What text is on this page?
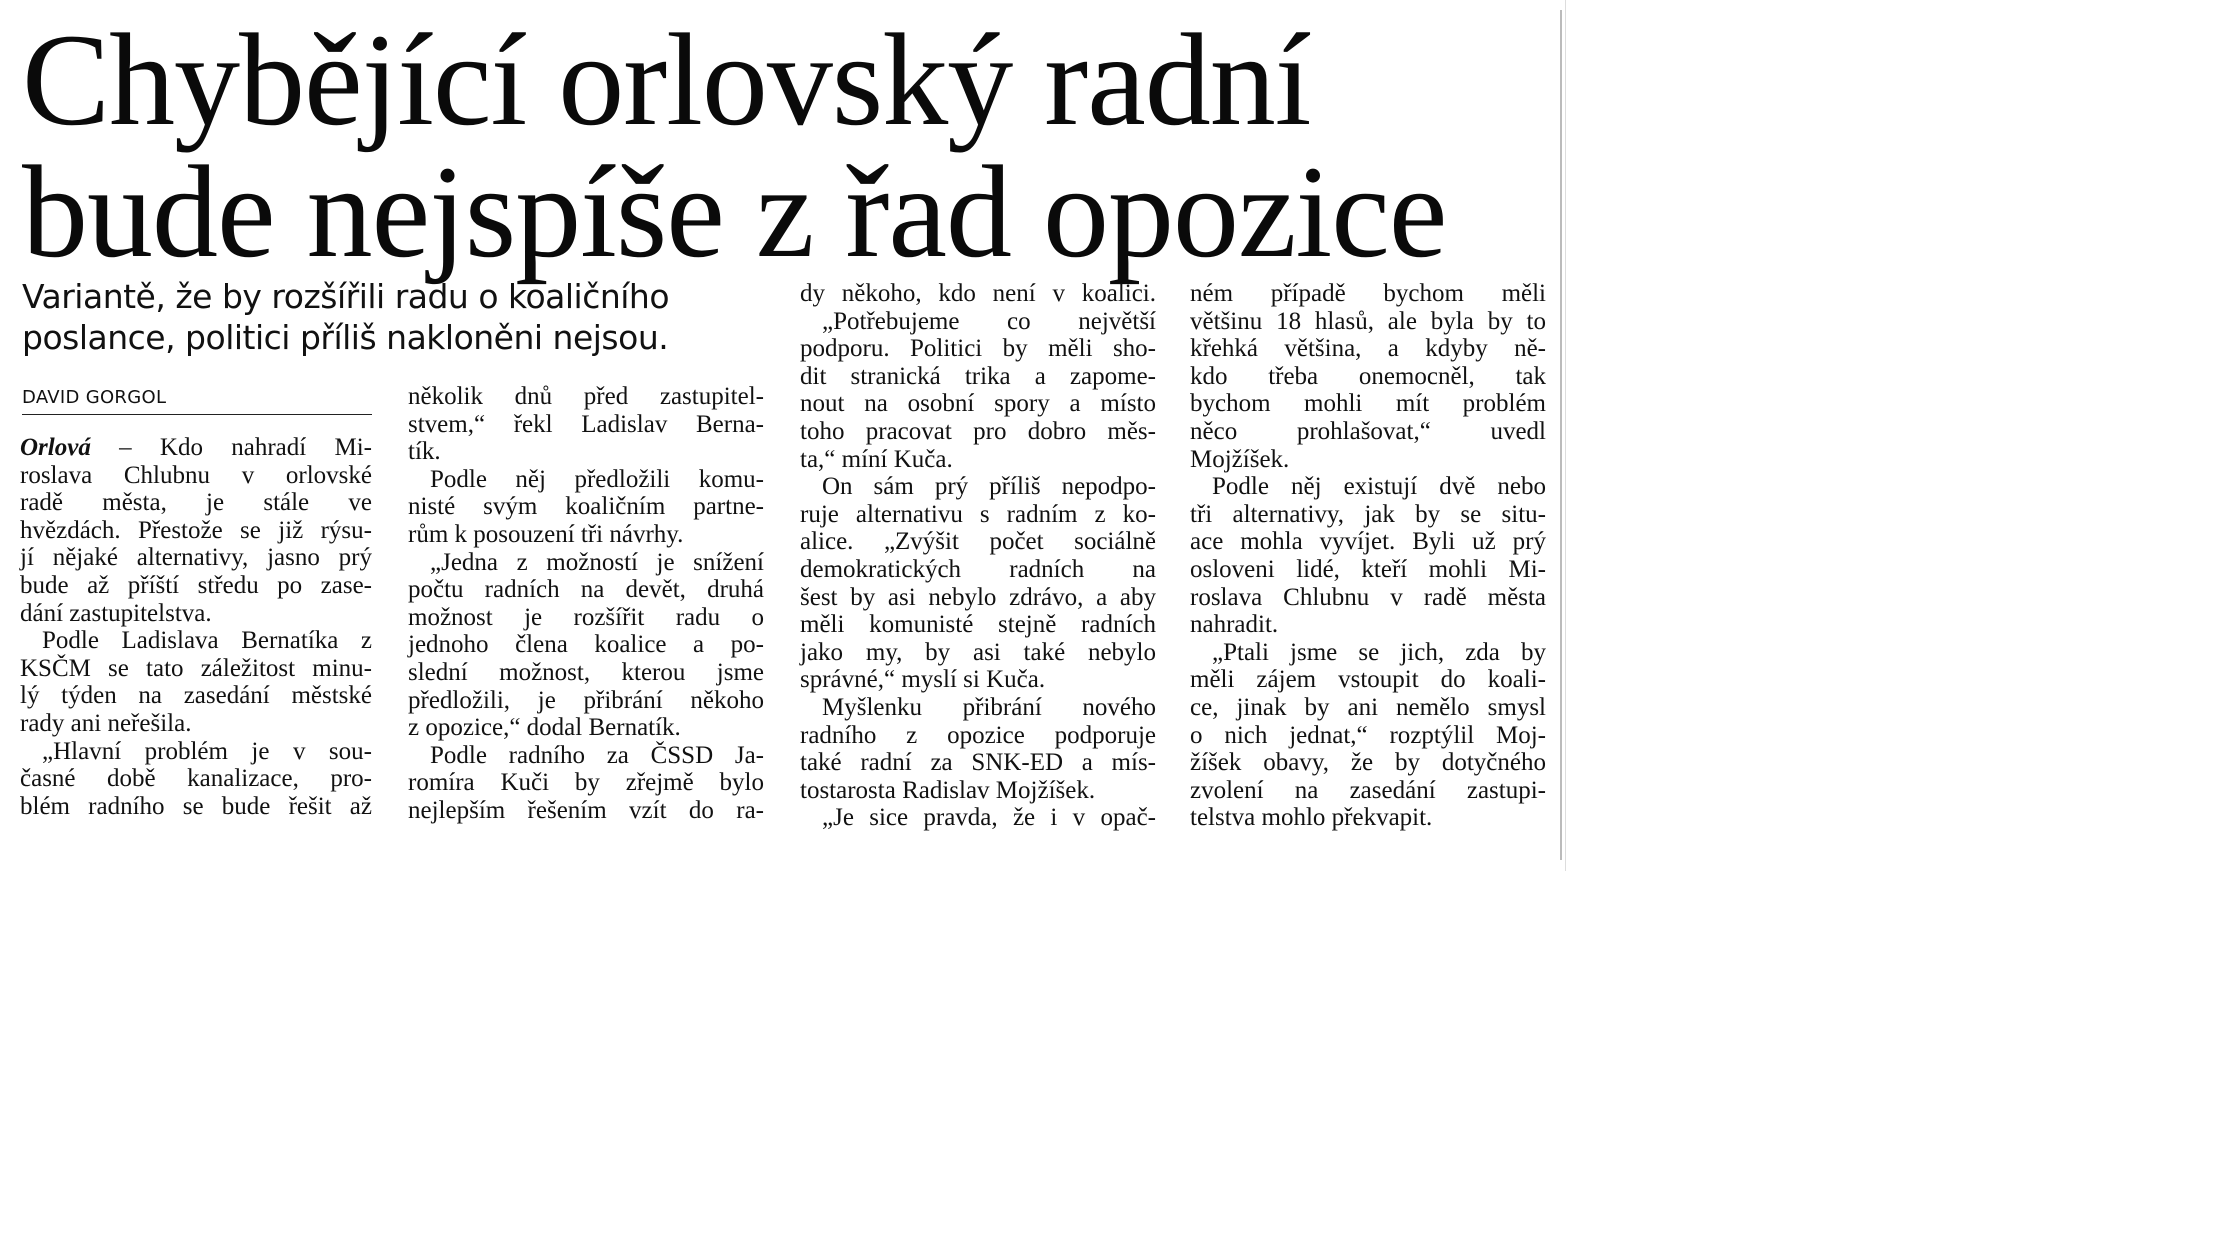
Chybějící orlovský radní
bude nejspíše z řad opozice
Variantě, že by rozšířili radu o koaličního
poslance, politici příliš nakloněni nejsou.
DAVID GORGOL
Orlová – Kdo nahradí Mi-
roslava Chlubnu v orlovské
radě města, je stále ve
hvězdách. Přestože se již rýsu-
jí nějaké alternativy, jasno prý
bude až příští středu po zase-
dání zastupitelstva.
Podle Ladislava Bernatíka z
KSČM se tato záležitost minu-
lý týden na zasedání městské
rady ani neřešila.
„Hlavní problém je v sou-
časné době kanalizace, pro-
blém radního se bude řešit až
několik dnů před zastupitel-
stvem,“ řekl Ladislav Berna-
tík.
Podle něj předložili komu-
nisté svým koaličním partne-
rům k posouzení tři návrhy.
„Jedna z možností je snížení
počtu radních na devět, druhá
možnost je rozšířit radu o
jednoho člena koalice a po-
slední možnost, kterou jsme
předložili, je přibrání někoho
z opozice,“ dodal Bernatík.
Podle radního za ČSSD Ja-
romíra Kuči by zřejmě bylo
nejlepším řešením vzít do ra-
dy někoho, kdo není v koalici.
„Potřebujeme co největší
podporu. Politici by měli sho-
dit stranická trika a zapome-
nout na osobní spory a místo
toho pracovat pro dobro měs-
ta,“ míní Kuča.
On sám prý příliš nepodpo-
ruje alternativu s radním z ko-
alice. „Zvýšit počet sociálně
demokratických radních na
šest by asi nebylo zdrávo, a aby
měli komunisté stejně radních
jako my, by asi také nebylo
správné,“ myslí si Kuča.
Myšlenku přibrání nového
radního z opozice podporuje
také radní za SNK-ED a mís-
tostarosta Radislav Mojžíšek.
„Je sice pravda, že i v opač-
ném případě bychom měli
většinu 18 hlasů, ale byla by to
křehká většina, a kdyby ně-
kdo třeba onemocněl, tak
bychom mohli mít problém
něco prohlašovat,“ uvedl
Mojžíšek.
Podle něj existují dvě nebo
tři alternativy, jak by se situ-
ace mohla vyvíjet. Byli už prý
osloveni lidé, kteří mohli Mi-
roslava Chlubnu v radě města
nahradit.
„Ptali jsme se jich, zda by
měli zájem vstoupit do koali-
ce, jinak by ani nemělo smysl
o nich jednat,“ rozptýlil Moj-
žíšek obavy, že by dotyčného
zvolení na zasedání zastupi-
telstva mohlo překvapit.
